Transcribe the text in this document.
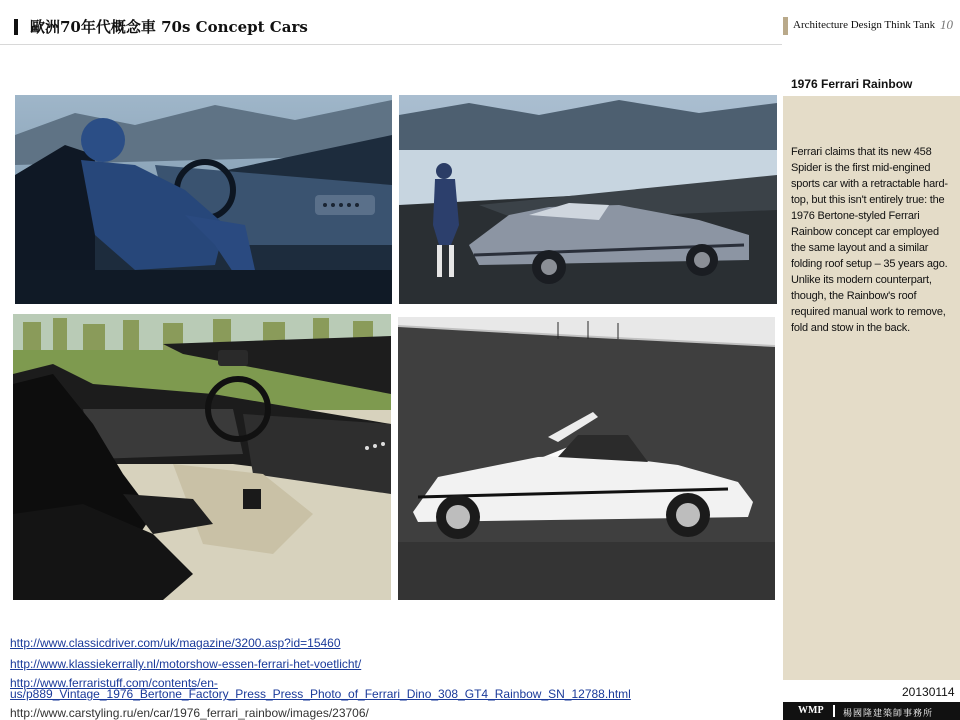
歐洲70年代概念車 70s Concept Cars	Architecture Design Think Tank 10
1976 Ferrari Rainbow
Ferrari claims that its new 458 Spider is the first mid-engined sports car with a retractable hard-top, but this isn't entirely true: the 1976 Bertone-styled Ferrari Rainbow concept car employed the same layout and a similar folding roof setup – 35 years ago. Unlike its modern counterpart, though, the Rainbow's roof required manual work to remove, fold and stow in the back.
http://www.classicdriver.com/uk/magazine/3200.asp?id=15460
http://www.klassiekerrally.nl/motorshow-essen-ferrari-het-voetlicht/
http://www.ferraristuff.com/contents/en-
us/p889_Vintage_1976_Bertone_Factory_Press_Press_Photo_of_Ferrari_Dino_308_GT4_Rainbow_SN_12788.html
http://www.carstyling.ru/en/car/1976_ferrari_rainbow/images/23706/
20130114
WMP 楊國隆建築師事務所
